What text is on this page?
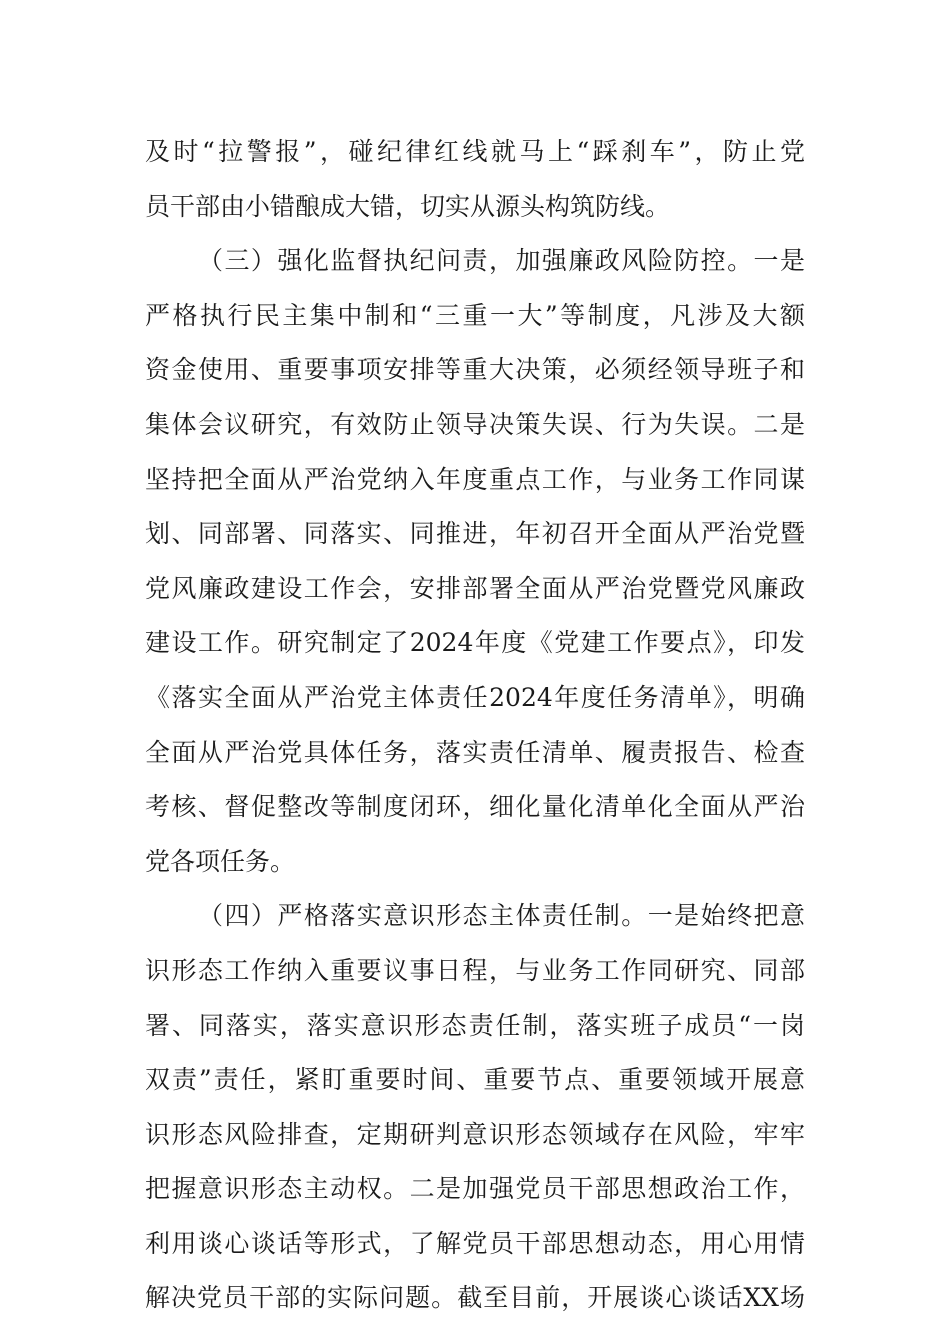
及时“拉警报”，碰纪律红线就马上“踩刹车”，防止党
员干部由小错酿成大错，切实从源头构筑防线。
（三）强化监督执纪问责，加强廉政风险防控。一是
严格执行民主集中制和“三重一大”等制度，凡涉及大额
资金使用、重要事项安排等重大决策，必须经领导班子和
集体会议研究，有效防止领导决策失误、行为失误。二是
坚持把全面从严治党纳入年度重点工作，与业务工作同谋
划、同部署、同落实、同推进，年初召开全面从严治党暨
党风廉政建设工作会，安排部署全面从严治党暨党风廉政
建设工作。研究制定了2024年度《党建工作要点》，印发
《落实全面从严治党主体责任2024年度任务清单》，明确
全面从严治党具体任务，落实责任清单、履责报告、检查
考核、督促整改等制度闭环，细化量化清单化全面从严治
党各项任务。
（四）严格落实意识形态主体责任制。一是始终把意
识形态工作纳入重要议事日程，与业务工作同研究、同部
署、同落实，落实意识形态责任制，落实班子成员“一岗
双责”责任，紧盯重要时间、重要节点、重要领域开展意
识形态风险排查，定期研判意识形态领域存在风险，牢牢
把握意识形态主动权。二是加强党员干部思想政治工作，
利用谈心谈话等形式，了解党员干部思想动态，用心用情
解决党员干部的实际问题。截至目前，开展谈心谈话XX场
